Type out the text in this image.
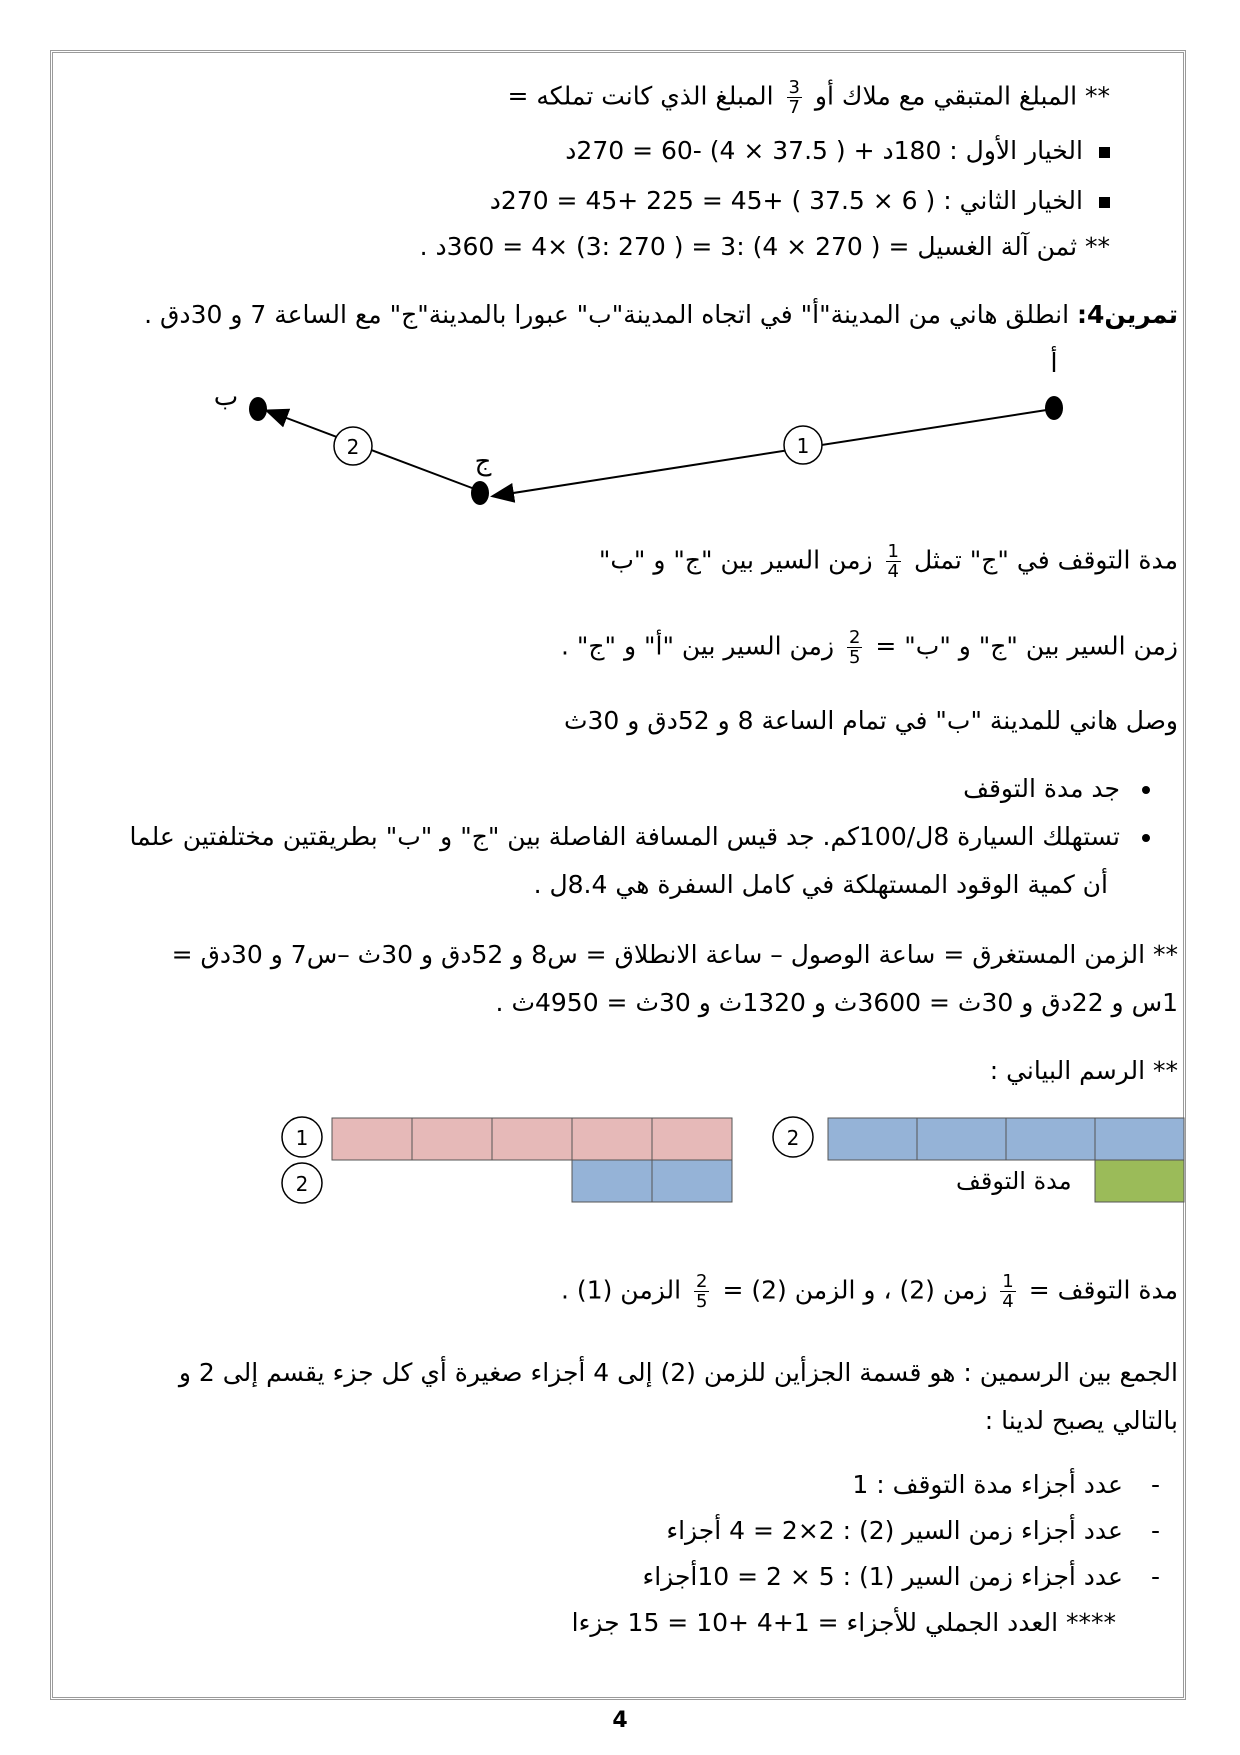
** المبلغ المتبقي مع ملاك أو
$\frac{3}{7}$
المبلغ الذي كانت تملكه =
الخيار الأول : 180د + ( 37.5 × 4) -60 = 270د
الخيار الثاني : ( 6 × 37.5 ) +45 = 225 +45 = 270د
** ثمن آلة الغسيل = ( 270 × 4) :3 = ( 270 :3) ×4 = 360د .
تمرين4: انطلق هاني من المدينة"أ" في اتجاه المدينة"ب" عبورا بالمدينة"ج" مع الساعة 7 و 30دق .
1
2
أ
ب
ج
مدة التوقف في "ج" تمثل
$\frac{1}{4}$
زمن السير بين "ج" و "ب"
زمن السير بين "ج" و "ب" =
$\frac{2}{5}$
زمن السير بين "أ" و "ج" .
وصل هاني للمدينة "ب" في تمام الساعة 8 و 52دق و 30ث
جد مدة التوقف
تستهلك السيارة 8ل/100كم. جد قيس المسافة الفاصلة بين "ج" و "ب" بطريقتين مختلفتين علما
أن كمية الوقود المستهلكة في كامل السفرة هي 8.4ل .
** الزمن المستغرق = ساعة الوصول – ساعة الانطلاق = س8 و 52دق و 30ث –س7 و 30دق =
1س و 22دق و 30ث = 3600ث و 1320ث و 30ث = 4950ث .
** الرسم البياني :
1
2
2
مدة التوقف
مدة التوقف =
$\frac{1}{4}$
زمن (2) ، و الزمن (2) =
$\frac{2}{5}$
الزمن (1) .
الجمع بين الرسمين : هو قسمة الجزأين للزمن (2) إلى 4 أجزاء صغيرة أي كل جزء يقسم إلى 2 و
بالتالي يصبح لدينا :
-عدد أجزاء مدة التوقف : 1
-عدد أجزاء زمن السير (2) : 2×2 = 4 أجزاء
-عدد أجزاء زمن السير (1) : 5 × 2 = 10أجزاء
**** العدد الجملي للأجزاء = 1+4 +10 = 15 جزءا
4
